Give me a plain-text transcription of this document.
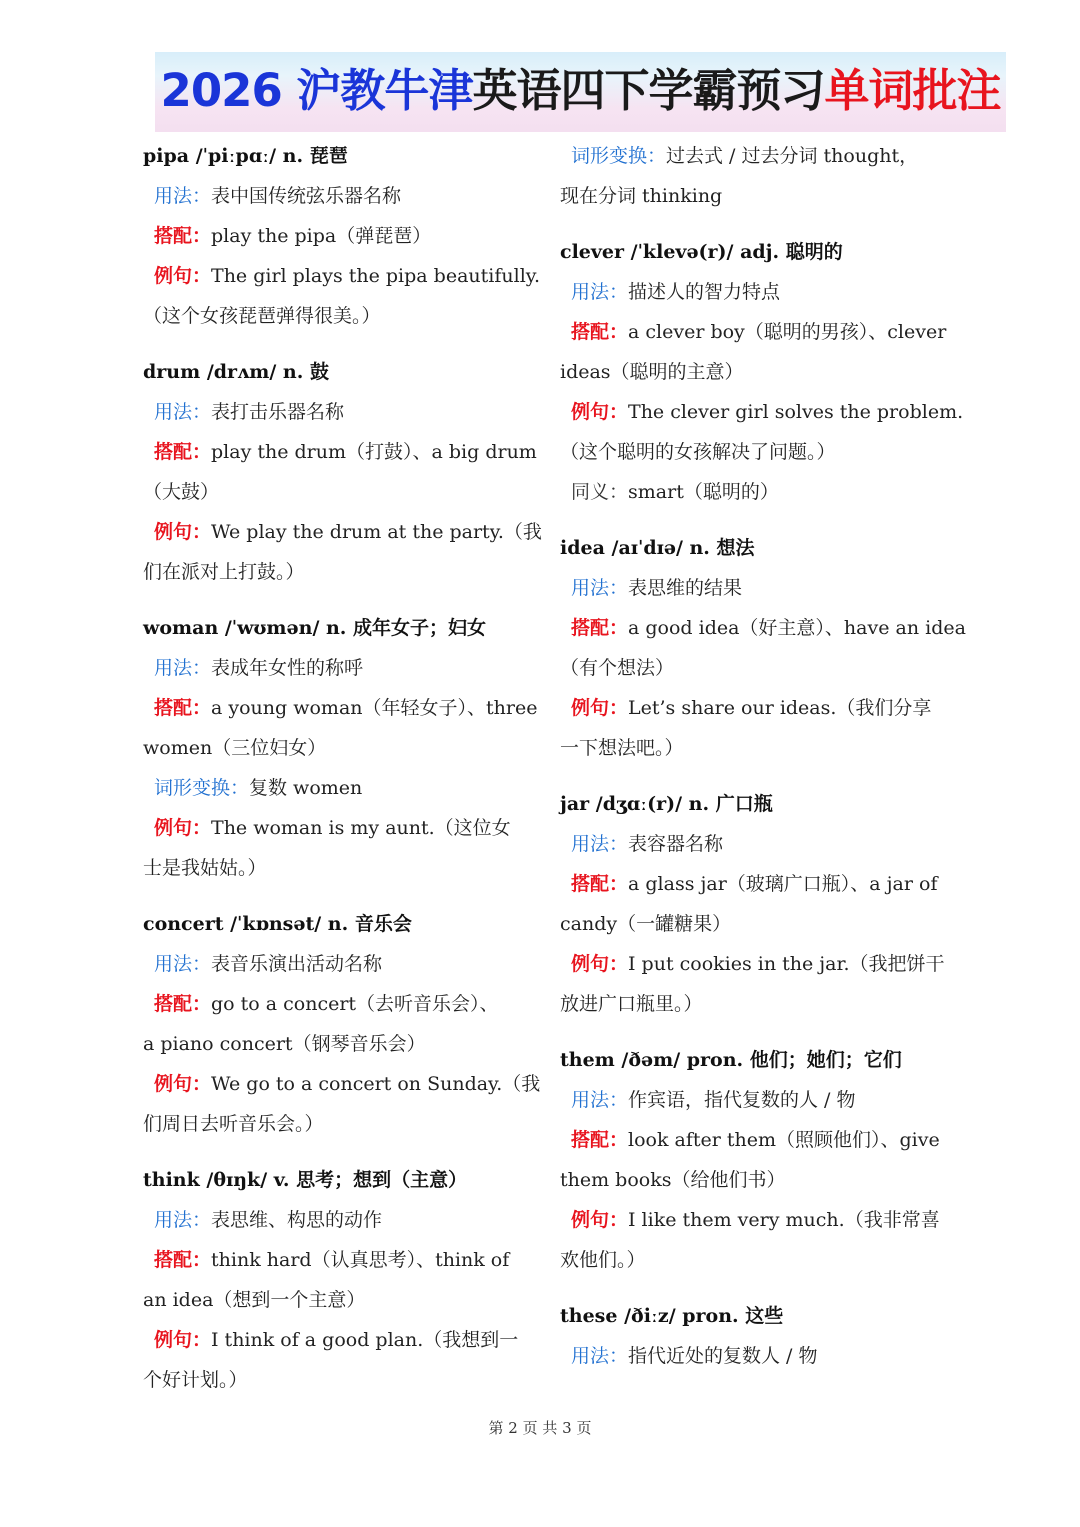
2026 沪教牛津英语四下学霸预习单词批注
pipa /ˈpiːpɑː/ n. 琵琶
用法：表中国传统弦乐器名称
搭配：play the pipa（弹琵琶）
例句：The girl plays the pipa beautifully.
（这个女孩琵琶弹得很美。）
drum /drʌm/ n. 鼓
用法：表打击乐器名称
搭配：play the drum（打鼓）、a big drum
（大鼓）
例句：We play the drum at the party.（我
们在派对上打鼓。）
woman /ˈwʊmən/ n. 成年女子；妇女
用法：表成年女性的称呼
搭配：a young woman（年轻女子）、three
women（三位妇女）
词形变换：复数 women
例句：The woman is my aunt.（这位女
士是我姑姑。）
concert /ˈkɒnsət/ n. 音乐会
用法：表音乐演出活动名称
搭配：go to a concert（去听音乐会）、
a piano concert（钢琴音乐会）
例句：We go to a concert on Sunday.（我
们周日去听音乐会。）
think /θɪŋk/ v. 思考；想到（主意）
用法：表思维、构思的动作
搭配：think hard（认真思考）、think of
an idea（想到一个主意）
例句：I think of a good plan.（我想到一
个好计划。）
词形变换：过去式 / 过去分词 thought，
现在分词 thinking
clever /ˈklevə(r)/ adj. 聪明的
用法：描述人的智力特点
搭配：a clever boy（聪明的男孩）、clever
ideas（聪明的主意）
例句：The clever girl solves the problem.
（这个聪明的女孩解决了问题。）
同义：smart（聪明的）
idea /aɪˈdɪə/ n. 想法
用法：表思维的结果
搭配：a good idea（好主意）、have an idea
（有个想法）
例句：Let’s share our ideas.（我们分享
一下想法吧。）
jar /dʒɑː(r)/ n. 广口瓶
用法：表容器名称
搭配：a glass jar（玻璃广口瓶）、a jar of
candy（一罐糖果）
例句：I put cookies in the jar.（我把饼干
放进广口瓶里。）
them /ðəm/ pron. 他们；她们；它们
用法：作宾语，指代复数的人 / 物
搭配：look after them（照顾他们）、give
them books（给他们书）
例句：I like them very much.（我非常喜
欢他们。）
these /ðiːz/ pron. 这些
用法：指代近处的复数人 / 物
第 2 页 共 3 页
